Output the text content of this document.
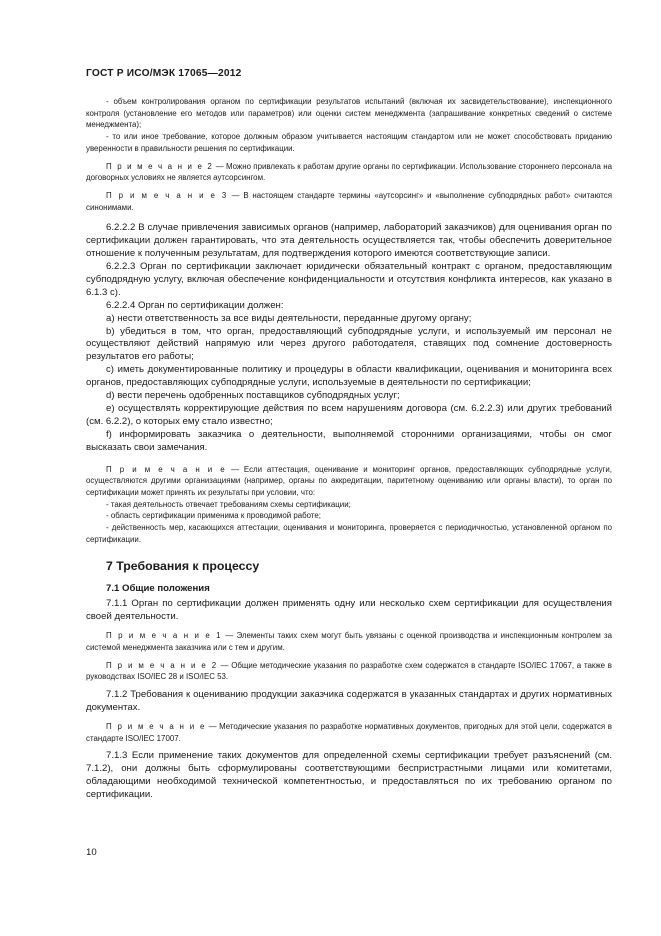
ГОСТ Р ИСО/МЭК 17065—2012

- объем контролирования органом по сертификации результатов испытаний (включая их засвидетельствование), инспекционного контроля (установление его методов или параметров) или оценки систем менеджмента (запрашивание конкретных сведений о системе менеджмента);

- то или иное требование, которое должным образом учитывается настоящим стандартом или не может способствовать приданию уверенности в правильности решения по сертификации.

П р и м е ч а н и е 2 — Можно привлекать к работам другие органы по сертификации. Использование стороннего персонала на договорных условиях не является аутсорсингом.

П р и м е ч а н и е 3 — В настоящем стандарте термины «аутсорсинг» и «выполнение субподрядных работ» считаются синонимами.

6.2.2.2 В случае привлечения зависимых органов (например, лабораторий заказчиков) для оценивания орган по сертификации должен гарантировать, что эта деятельность осуществляется так, чтобы обеспечить доверительное отношение к полученным результатам, для подтверждения которого имеются соответствующие записи.

6.2.2.3 Орган по сертификации заключает юридически обязательный контракт с органом, предоставляющим субподрядную услугу, включая обеспечение конфиденциальности и отсутствия конфликта интересов, как указано в 6.1.3 c).

6.2.2.4 Орган по сертификации должен:

a) нести ответственность за все виды деятельности, переданные другому органу;

b) убедиться в том, что орган, предоставляющий субподрядные услуги, и используемый им персонал не осуществляют действий напрямую или через другого работодателя, ставящих под сомнение достоверность результатов его работы;

c) иметь документированные политику и процедуры в области квалификации, оценивания и мониторинга всех органов, предоставляющих субподрядные услуги, используемые в деятельности по сертификации;

d) вести перечень одобренных поставщиков субподрядных услуг;

e) осуществлять корректирующие действия по всем нарушениям договора (см. 6.2.2.3) или других требований (см. 6.2.2), о которых ему стало известно;

f) информировать заказчика о деятельности, выполняемой сторонними организациями, чтобы он смог высказать свои замечания.

П р и м е ч а н и е — Если аттестация, оценивание и мониторинг органов, предоставляющих субподрядные услуги, осуществляются другими организациями (например, органы по аккредитации, паритетному оцениванию или органы власти), то орган по сертификации может принять их результаты при условии, что:

- такая деятельность отвечает требованиям схемы сертификации;

- область сертификации применима к проводимой работе;

- действенность мер, касающихся аттестации, оценивания и мониторинга, проверяется с периодичностью, установленной органом по сертификации.

7 Требования к процессу

7.1 Общие положения

7.1.1 Орган по сертификации должен применять одну или несколько схем сертификации для осуществления своей деятельности.

П р и м е ч а н и е 1 — Элементы таких схем могут быть увязаны с оценкой производства и инспекционным контролем за системой менеджмента заказчика или с тем и другим.

П р и м е ч а н и е 2 — Общие методические указания по разработке схем содержатся в стандарте ISO/IEC 17067, а также в руководствах ISO/IEC 28 и ISO/IEC 53.

7.1.2 Требования к оцениванию продукции заказчика содержатся в указанных стандартах и других нормативных документах.

П р и м е ч а н и е — Методические указания по разработке нормативных документов, пригодных для этой цели, содержатся в стандарте ISO/IEC 17007.

7.1.3 Если применение таких документов для определенной схемы сертификации требует разъяснений (см. 7.1.2), они должны быть сформулированы соответствующими беспристрастными лицами или комитетами, обладающими необходимой технической компетентностью, и предоставляться по их требованию органом по сертификации.

10
